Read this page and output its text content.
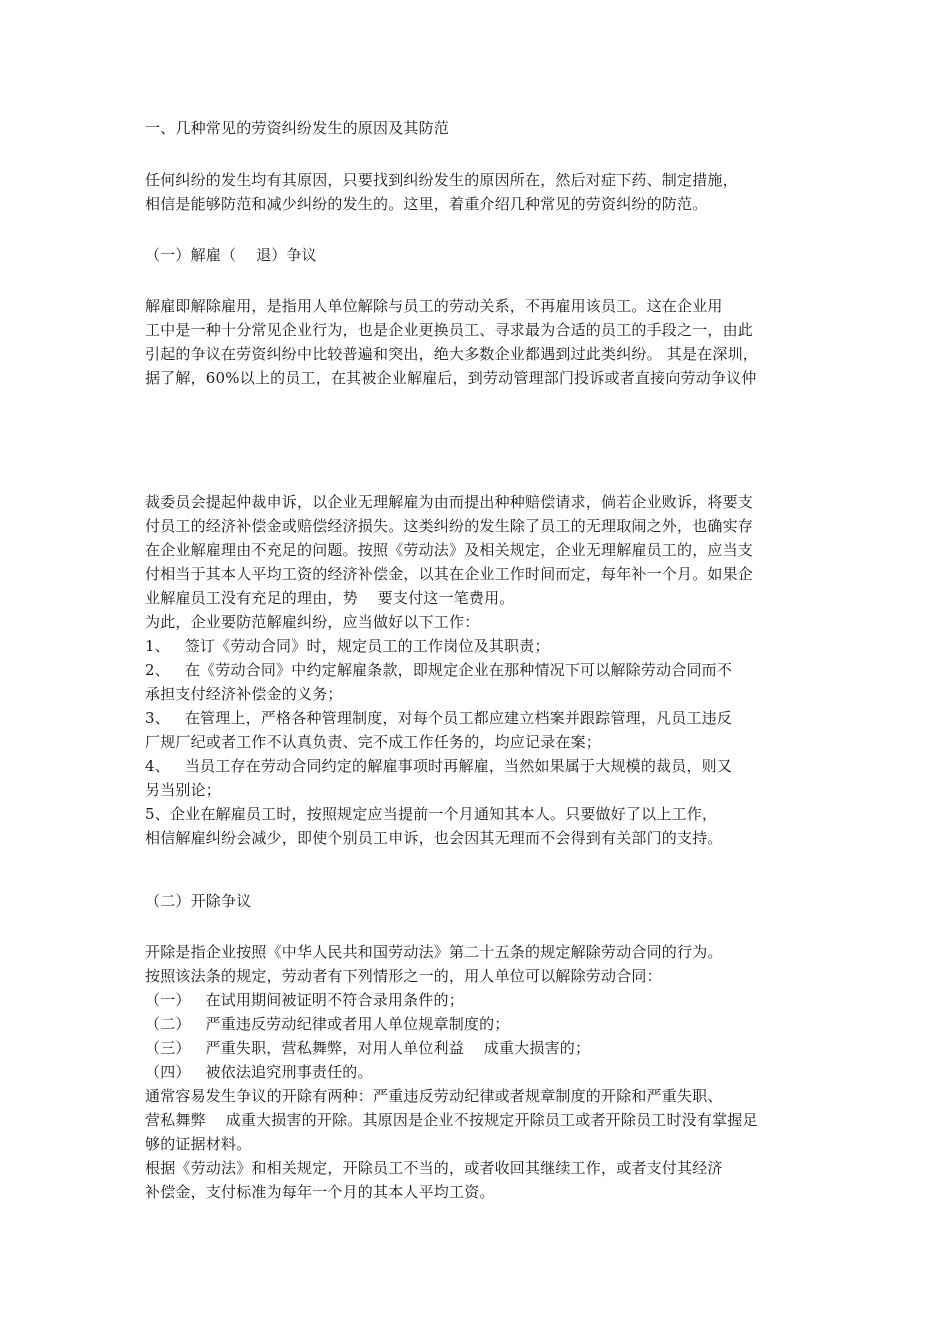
一、几种常见的劳资纠纷发生的原因及其防范
任何纠纷的发生均有其原因，只要找到纠纷发生的原因所在，然后对症下药、制定措施，
相信是能够防范和减少纠纷的发生的。这里，着重介绍几种常见的劳资纠纷的防范。
（一）解雇（    退）争议
解雇即解除雇用，是指用人单位解除与员工的劳动关系，不再雇用该员工。这在企业用
工中是一种十分常见企业行为，也是企业更换员工、寻求最为合适的员工的手段之一，由此
引起的争议在劳资纠纷中比较普遍和突出，绝大多数企业都遇到过此类纠纷。 其是在深圳，
据了解，60%以上的员工，在其被企业解雇后，到劳动管理部门投诉或者直接向劳动争议仲
裁委员会提起仲裁申诉，以企业无理解雇为由而提出种种赔偿请求，倘若企业败诉，将要支
付员工的经济补偿金或赔偿经济损失。这类纠纷的发生除了员工的无理取闹之外，也确实存
在企业解雇理由不充足的问题。按照《劳动法》及相关规定，企业无理解雇员工的，应当支
付相当于其本人平均工资的经济补偿金，以其在企业工作时间而定，每年补一个月。如果企
业解雇员工没有充足的理由，势    要支付这一笔费用。
为此，企业要防范解雇纠纷，应当做好以下工作：
1、   签订《劳动合同》时，规定员工的工作岗位及其职责；
2、   在《劳动合同》中约定解雇条款，即规定企业在那种情况下可以解除劳动合同而不
承担支付经济补偿金的义务；
3、   在管理上，严格各种管理制度，对每个员工都应建立档案并跟踪管理，凡员工违反
厂规厂纪或者工作不认真负责、完不成工作任务的，均应记录在案；
4、   当员工存在劳动合同约定的解雇事项时再解雇，当然如果属于大规模的裁员，则又
另当别论；
5、企业在解雇员工时，按照规定应当提前一个月通知其本人。只要做好了以上工作，
相信解雇纠纷会减少，即使个别员工申诉，也会因其无理而不会得到有关部门的支持。
（二）开除争议
开除是指企业按照《中华人民共和国劳动法》第二十五条的规定解除劳动合同的行为。
按照该法条的规定，劳动者有下列情形之一的，用人单位可以解除劳动合同：
（一）   在试用期间被证明不符合录用条件的；
（二）   严重违反劳动纪律或者用人单位规章制度的；
（三）   严重失职，营私舞弊，对用人单位利益    成重大损害的；
（四）   被依法追究刑事责任的。
通常容易发生争议的开除有两种：严重违反劳动纪律或者规章制度的开除和严重失职、
营私舞弊    成重大损害的开除。其原因是企业不按规定开除员工或者开除员工时没有掌握足
够的证据材料。
根据《劳动法》和相关规定，开除员工不当的，或者收回其继续工作，或者支付其经济
补偿金，支付标准为每年一个月的其本人平均工资。
